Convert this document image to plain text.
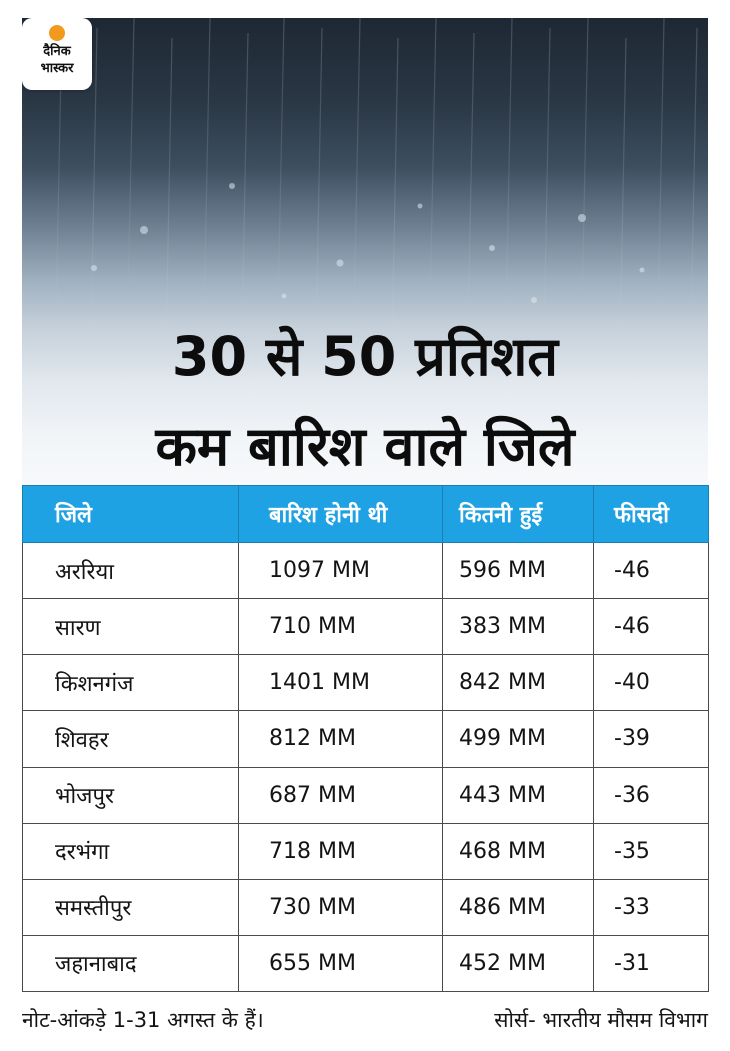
दैनिक
भास्कर
30 से 50 प्रतिशत
कम बारिश वाले जिले
जिले	बारिश होनी थी	कितनी हुई	फीसदी
अररिया	1097 MM	596 MM	-46
सारण	710 MM	383 MM	-46
किशनगंज	1401 MM	842 MM	-40
शिवहर	812 MM	499 MM	-39
भोजपुर	687 MM	443 MM	-36
दरभंगा	718 MM	468 MM	-35
समस्तीपुर	730 MM	486 MM	-33
जहानाबाद	655 MM	452 MM	-31
नोट-आंकड़े 1-31 अगस्त के हैं।	सोर्स- भारतीय मौसम विभाग
